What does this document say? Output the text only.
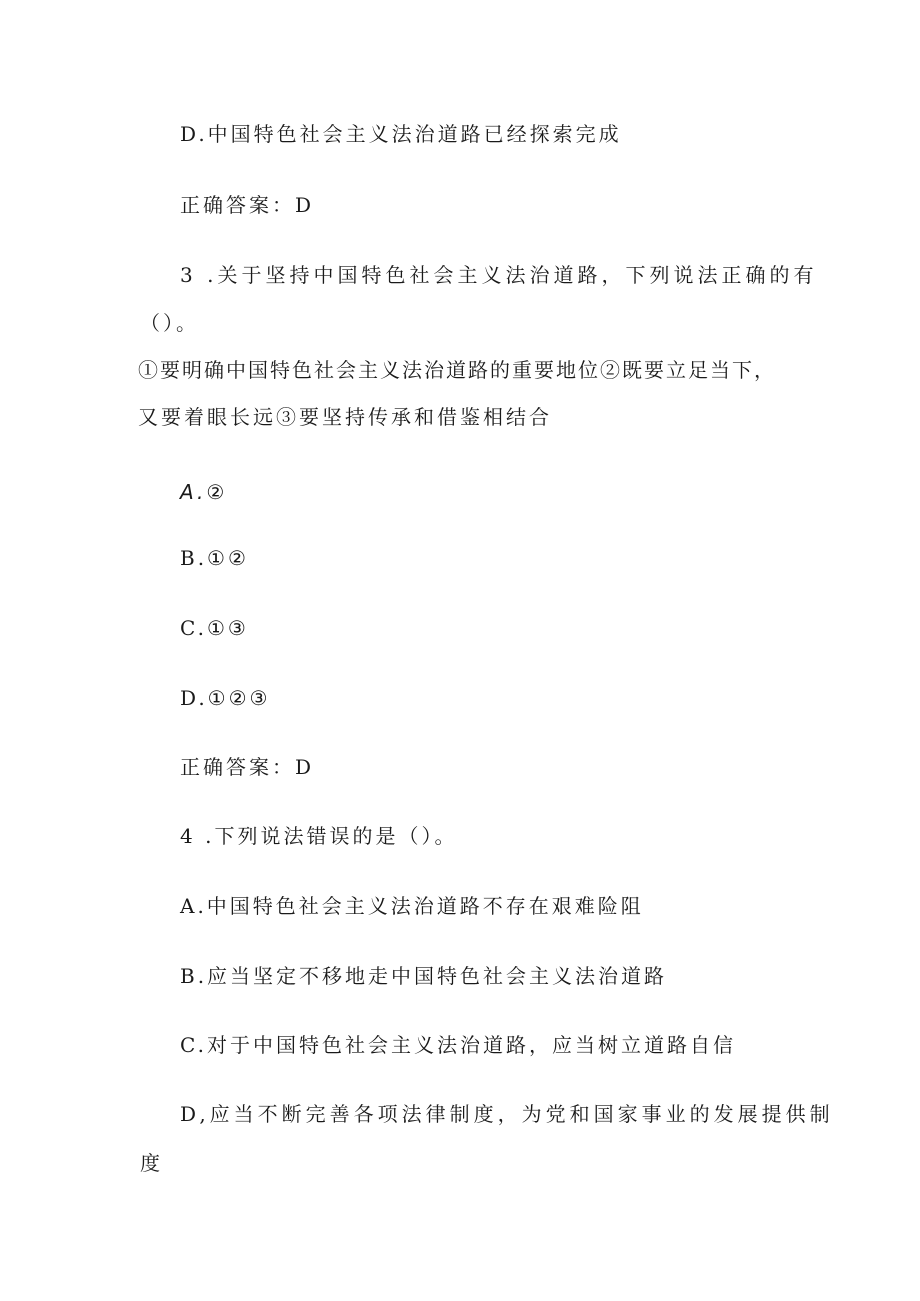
D.中国特色社会主义法治道路已经探索完成
正确答案：D
3 .关于坚持中国特色社会主义法治道路，下列说法正确的有
（）。
①要明确中国特色社会主义法治道路的重要地位②既要立足当下，
又要着眼长远③要坚持传承和借鉴相结合
A.②
B.①②
C.①③
D.①②③
正确答案：D
4 .下列说法错误的是（）。
A.中国特色社会主义法治道路不存在艰难险阻
B.应当坚定不移地走中国特色社会主义法治道路
C.对于中国特色社会主义法治道路，应当树立道路自信
D,应当不断完善各项法律制度，为党和国家事业的发展提供制
度
